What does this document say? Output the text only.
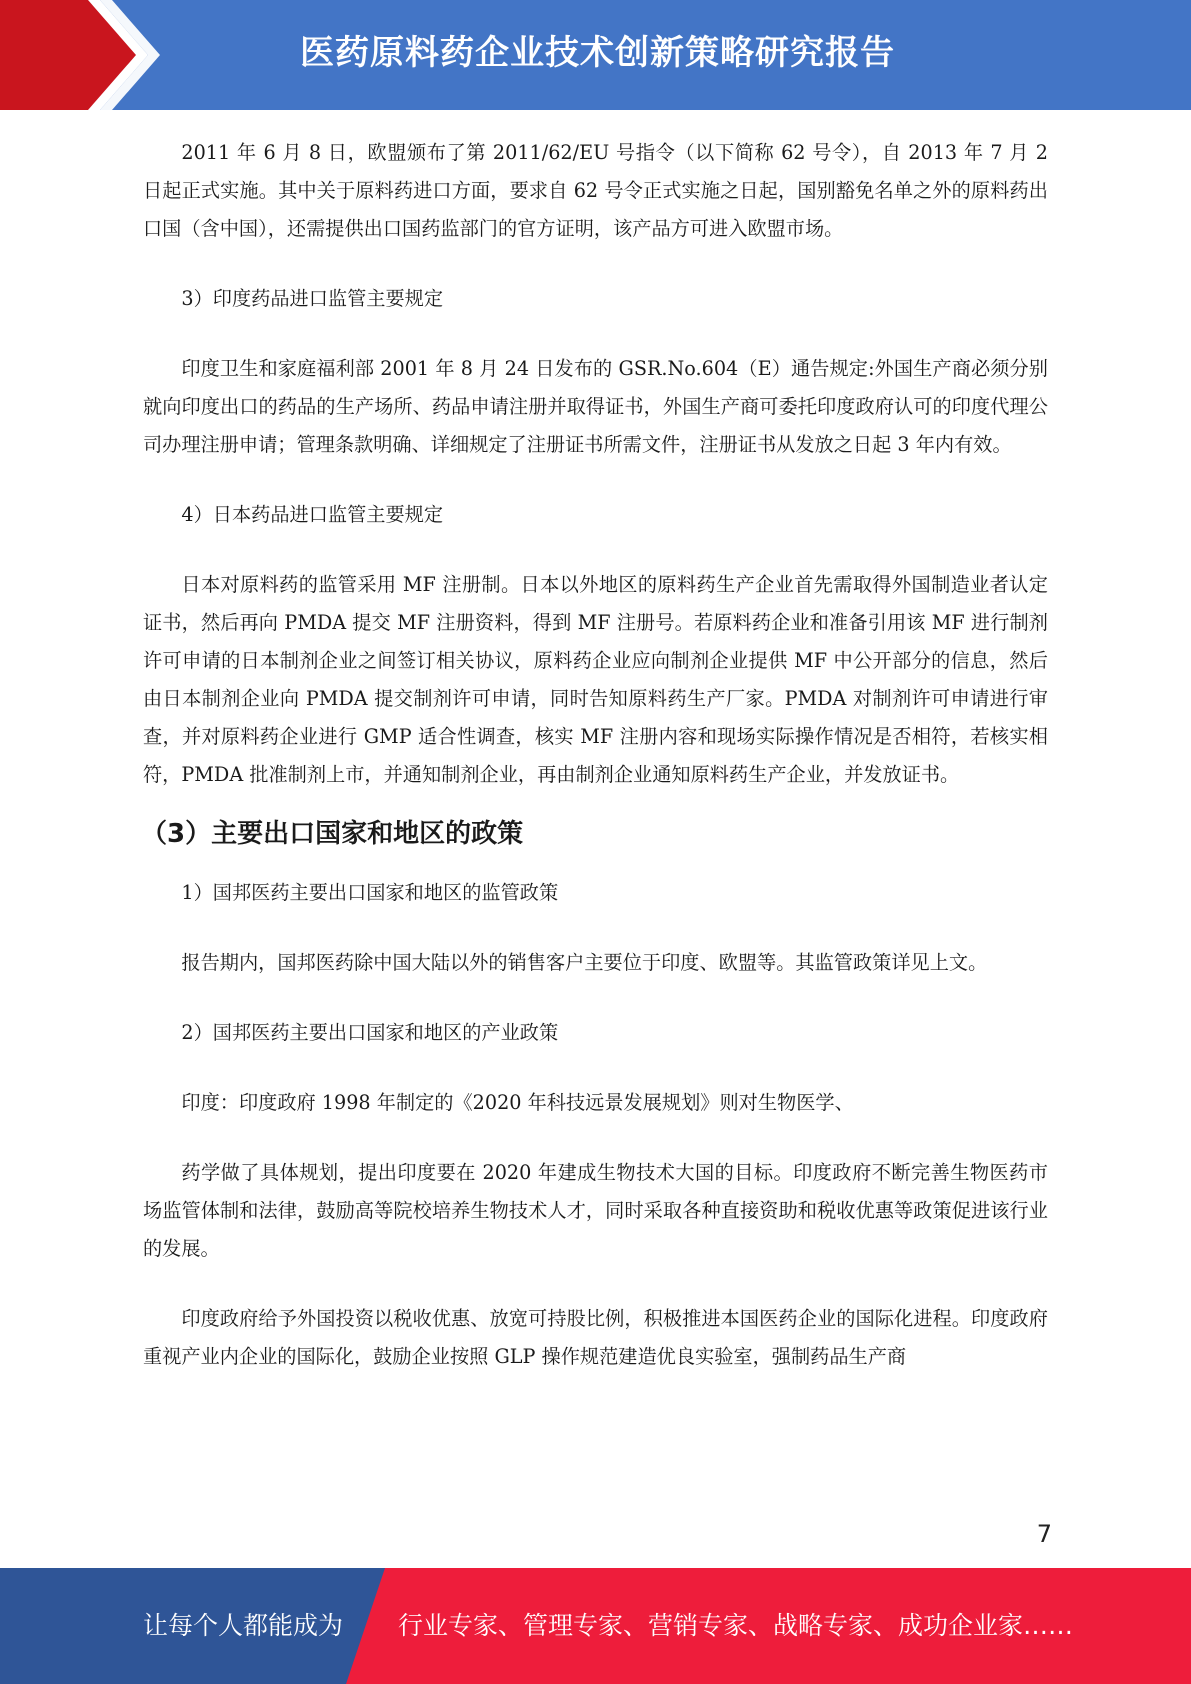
医药原料药企业技术创新策略研究报告

2011 年 6 月 8 日，欧盟颁布了第 2011/62/EU 号指令（以下简称 62 号令），自 2013 年 7 月 2 日起正式实施。其中关于原料药进口方面，要求自 62 号令正式实施之日起，国别豁免名单之外的原料药出口国（含中国），还需提供出口国药监部门的官方证明，该产品方可进入欧盟市场。

3）印度药品进口监管主要规定

印度卫生和家庭福利部 2001 年 8 月 24 日发布的 GSR.No.604（E）通告规定:外国生产商必须分别就向印度出口的药品的生产场所、药品申请注册并取得证书，外国生产商可委托印度政府认可的印度代理公司办理注册申请；管理条款明确、详细规定了注册证书所需文件，注册证书从发放之日起 3 年内有效。

4）日本药品进口监管主要规定

日本对原料药的监管采用 MF 注册制。日本以外地区的原料药生产企业首先需取得外国制造业者认定证书，然后再向 PMDA 提交 MF 注册资料，得到 MF 注册号。若原料药企业和准备引用该 MF 进行制剂许可申请的日本制剂企业之间签订相关协议，原料药企业应向制剂企业提供 MF 中公开部分的信息，然后由日本制剂企业向 PMDA 提交制剂许可申请，同时告知原料药生产厂家。PMDA 对制剂许可申请进行审查，并对原料药企业进行 GMP 适合性调查，核实 MF 注册内容和现场实际操作情况是否相符，若核实相符，PMDA 批准制剂上市，并通知制剂企业，再由制剂企业通知原料药生产企业，并发放证书。

（3）主要出口国家和地区的政策

1）国邦医药主要出口国家和地区的监管政策

报告期内，国邦医药除中国大陆以外的销售客户主要位于印度、欧盟等。其监管政策详见上文。

2）国邦医药主要出口国家和地区的产业政策

印度：印度政府 1998 年制定的《2020 年科技远景发展规划》则对生物医学、

药学做了具体规划，提出印度要在 2020 年建成生物技术大国的目标。印度政府不断完善生物医药市场监管体制和法律，鼓励高等院校培养生物技术人才，同时采取各种直接资助和税收优惠等政策促进该行业的发展。

印度政府给予外国投资以税收优惠、放宽可持股比例，积极推进本国医药企业的国际化进程。印度政府重视产业内企业的国际化，鼓励企业按照 GLP 操作规范建造优良实验室，强制药品生产商

7
让每个人都能成为 行业专家、管理专家、营销专家、战略专家、成功企业家……
